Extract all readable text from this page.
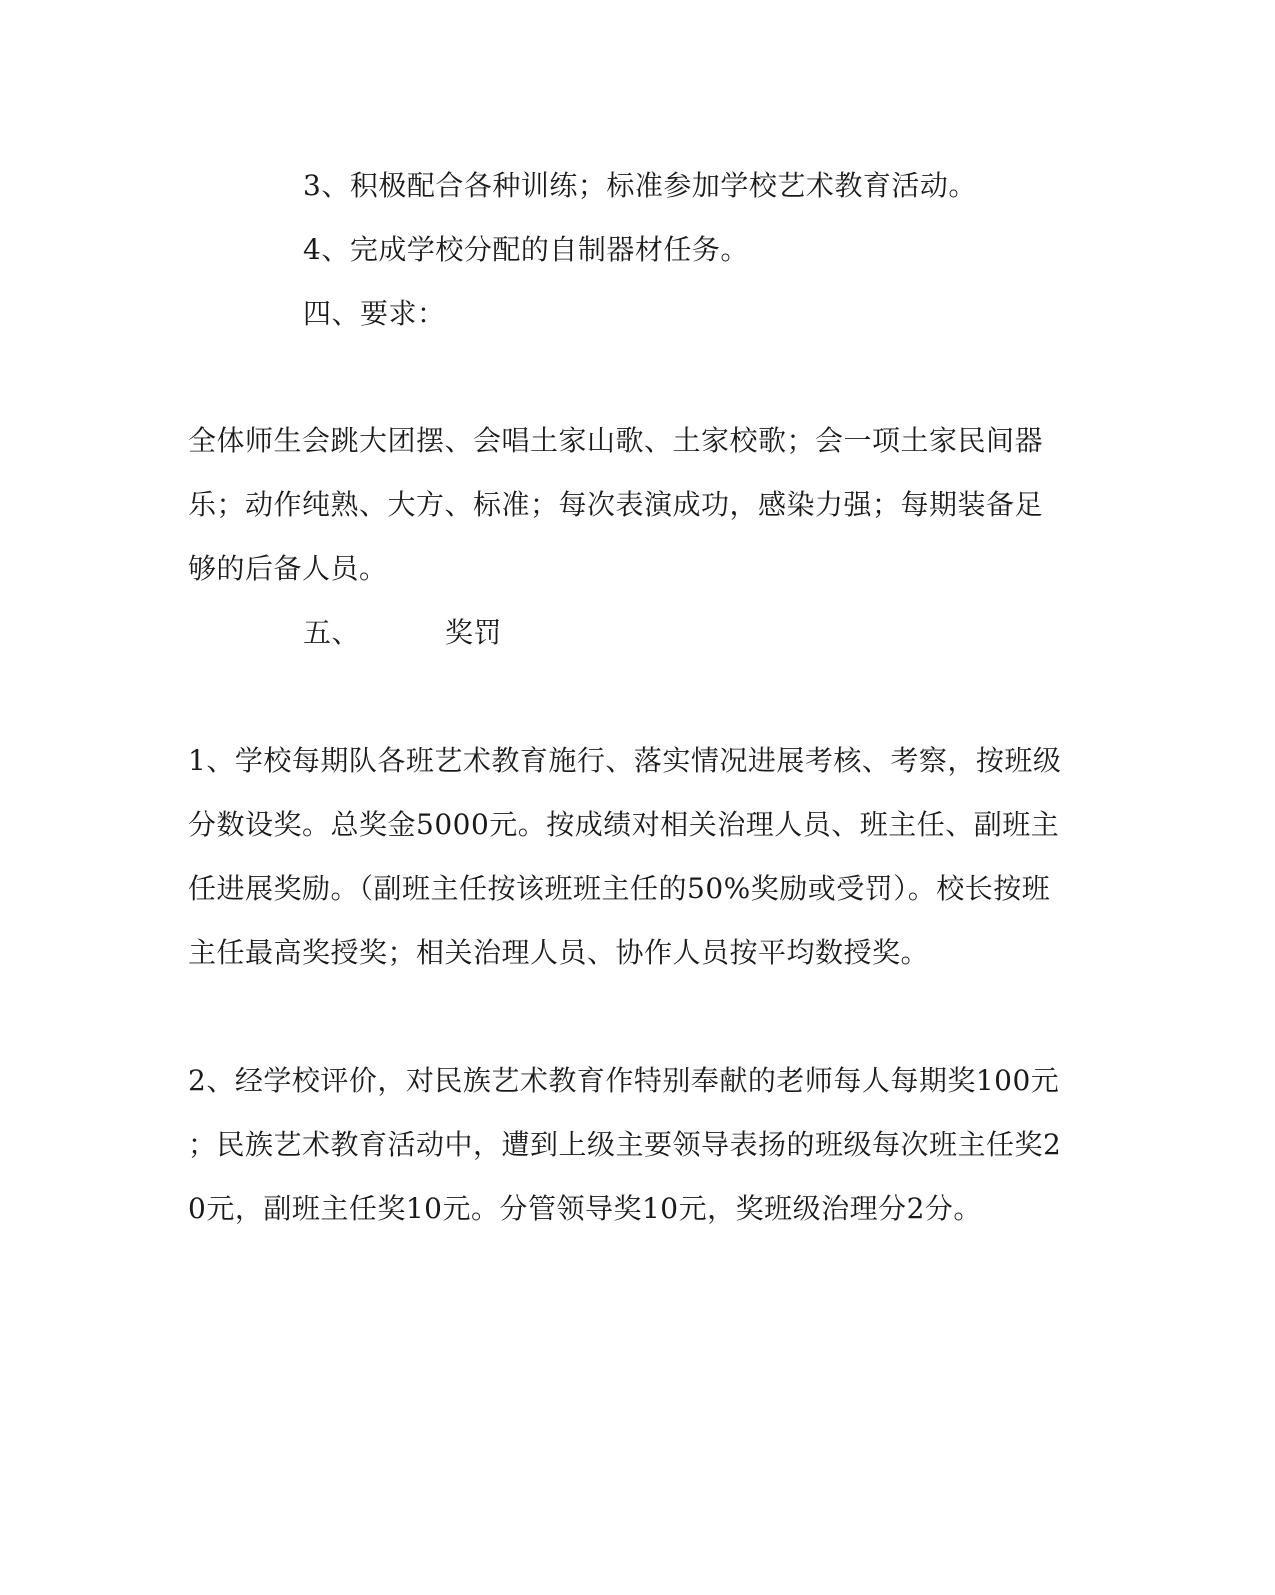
3、积极配合各种训练；标准参加学校艺术教育活动。
4、完成学校分配的自制器材任务。
四、要求：
全体师生会跳大团摆、会唱土家山歌、土家校歌；会一项土家民间器
乐；动作纯熟、大方、标准；每次表演成功，感染力强；每期装备足
够的后备人员。
五、	奖罚
1、学校每期队各班艺术教育施行、落实情况进展考核、考察，按班级
分数设奖。总奖金5000元。按成绩对相关治理人员、班主任、副班主
任进展奖励。（副班主任按该班班主任的50%奖励或受罚）。校长按班
主任最高奖授奖；相关治理人员、协作人员按平均数授奖。
2、经学校评价，对民族艺术教育作特别奉献的老师每人每期奖100元
；民族艺术教育活动中，遭到上级主要领导表扬的班级每次班主任奖2
0元，副班主任奖10元。分管领导奖10元，奖班级治理分2分。
